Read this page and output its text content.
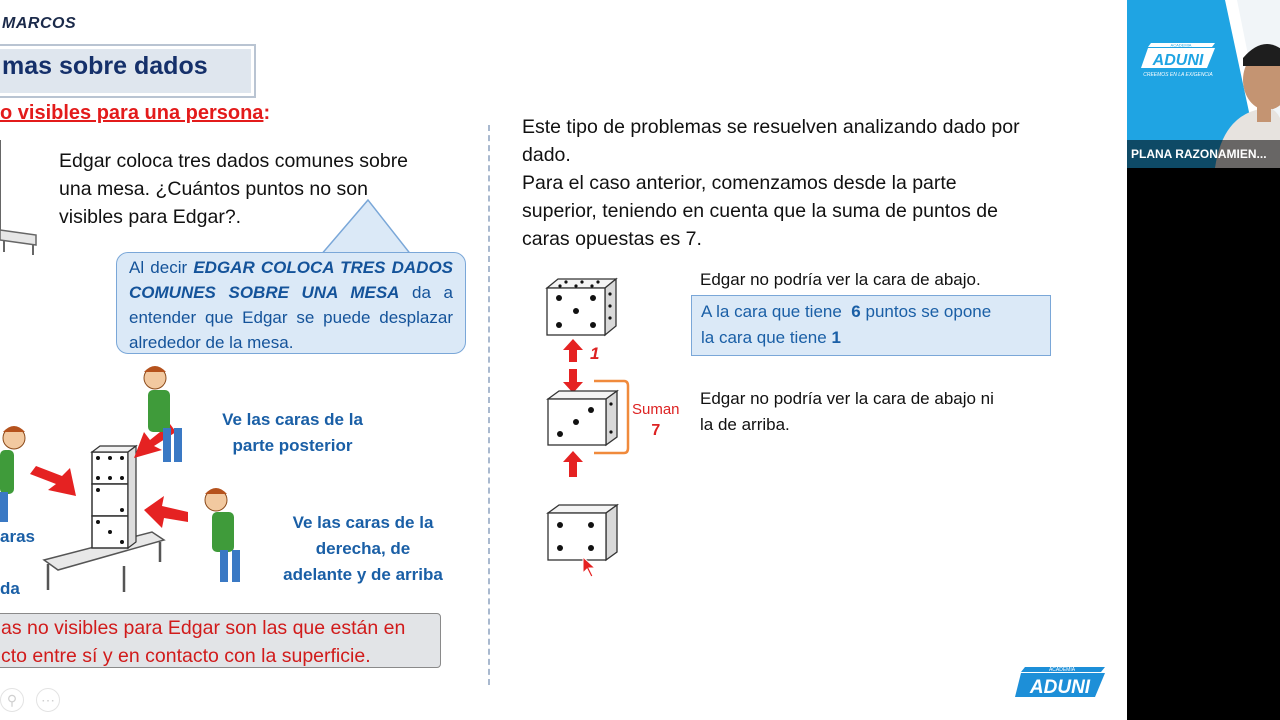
MARCOS
mas sobre dados
o visibles para una persona:
Edgar coloca tres dados comunes sobre
una mesa. ¿Cuántos puntos no son
visibles para Edgar?.
Al decir EDGAR COLOCA TRES DADOS COMUNES SOBRE UNA MESA da a entender que Edgar se puede desplazar alrededor de la mesa.
Ve las caras de la
parte posterior
Ve las caras de la
derecha, de
adelante y de arriba
aras
da
as no visibles para Edgar son las que están en
cto entre sí y en contacto con la superficie.
Este tipo de problemas se resuelven analizando dado por
dado.
Para el caso anterior, comenzamos desde la parte
superior, teniendo en cuenta que la suma de puntos de
caras opuestas es 7.
1
Suman
7
Edgar no podría ver la cara de abajo.
A la cara que tiene 6 puntos se opone
la cara que tiene 1
Edgar no podría ver la cara de abajo ni
la de arriba.
ACADEMIA
ADUNI
⚲	⋯
ACADEMIA
ADUNI
CREEMOS EN LA EXIGENCIA
PLANA RAZONAMIEN...
